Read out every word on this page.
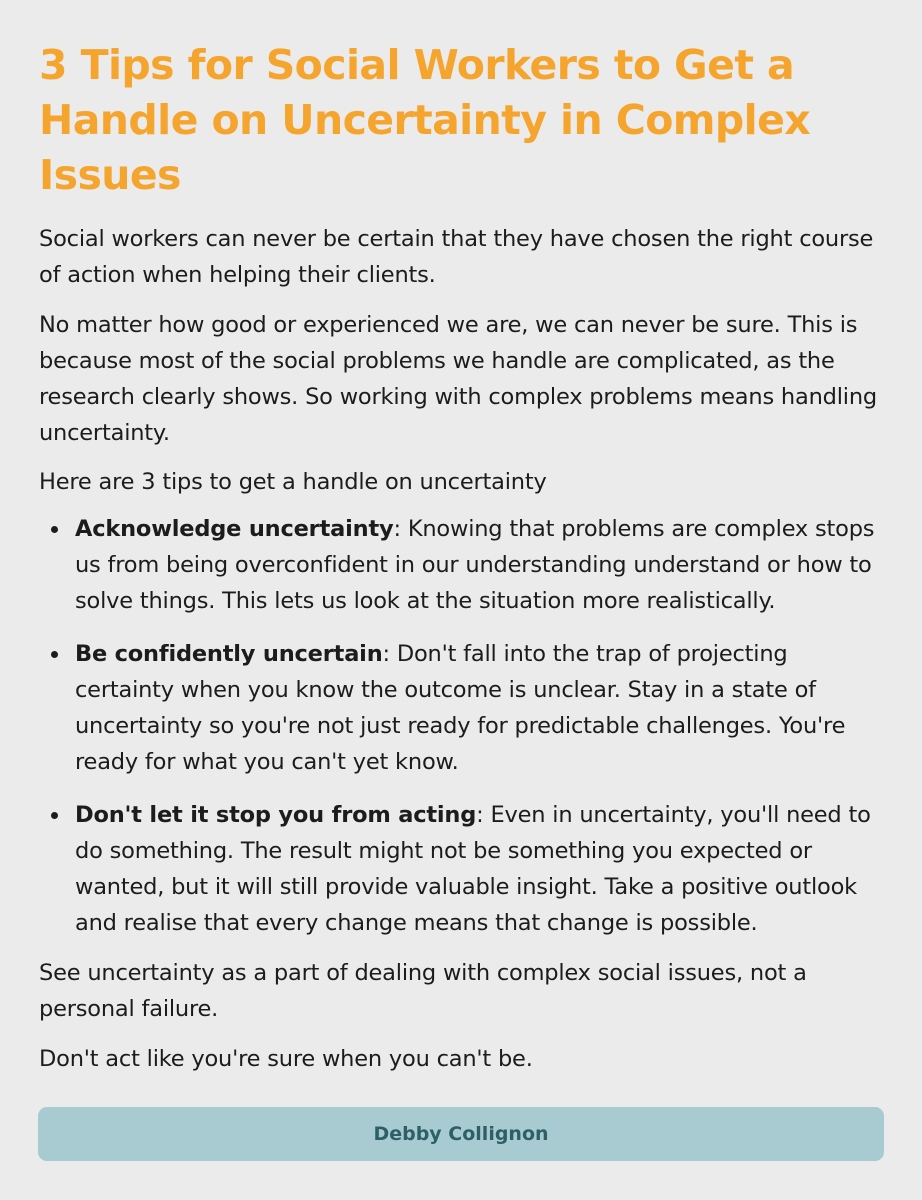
3 Tips for Social Workers to Get a Handle on Uncertainty in Complex Issues

Social workers can never be certain that they have chosen the right course of action when helping their clients.

No matter how good or experienced we are, we can never be sure. This is because most of the social problems we handle are complicated, as the research clearly shows. So working with complex problems means handling uncertainty.

Here are 3 tips to get a handle on uncertainty

Acknowledge uncertainty: Knowing that problems are complex stops us from being overconfident in our understanding understand or how to solve things. This lets us look at the situation more realistically.
Be confidently uncertain: Don't fall into the trap of projecting certainty when you know the outcome is unclear. Stay in a state of uncertainty so you're not just ready for predictable challenges. You're ready for what you can't yet know.
Don't let it stop you from acting: Even in uncertainty, you'll need to do something. The result might not be something you expected or wanted, but it will still provide valuable insight. Take a positive outlook and realise that every change means that change is possible.

See uncertainty as a part of dealing with complex social issues, not a personal failure.

Don't act like you're sure when you can't be.

Debby Collignon
